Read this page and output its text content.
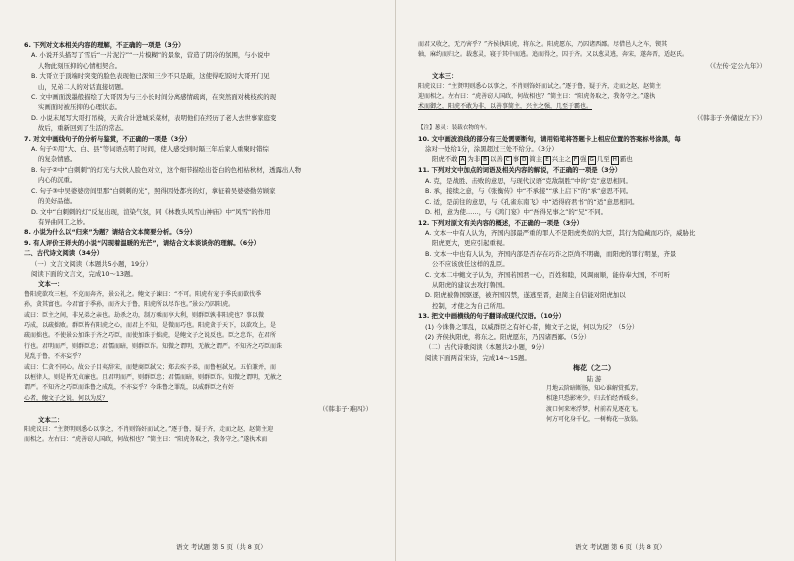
6. 下列对文本相关内容的理解，不正确的一项是（3分）
A. 小说开头描写了雪后“一片泥泞”“一片模糊”的景象，营造了阴冷的氛围，与小说中
人物此刻压抑的心情相契合。
B. 大哥立于顶端时突变的脸色表现他已深知三少不只是敲，这使得吃饭时大哥开门见
山，兄弟二人的对话直接切题。
C. 文中画面泼墨般描绘了大哥因为与三小长时间分离感情疏离，在突然面对桃枝疾的现
实画面时被压抑的心理状态。
D. 小说末尾写大哥打吊椅，天黄合计进城采菜材，表明他们在经历了老人去世事家庭变
故后，重新回到了生活的常态。
7. 对文中画线句子的分析与鉴赏，不正确的一项是（3分）
A. 句子①用“大、白、县”等词语点明了时间，使人感受到时隔三年后家人重聚时错综
的复杂情感。
B. 句子②中“白刺刺”的灯光与大伙人脸色对立，这个细节描绘出苍白的色相枯秋材，透露出人物
内心的沉重。
C. 句子③中吴婆婆房间里那“白刺刺的光”，照得因处都亮的灯，拿征着吴婆婆勤劳顾家
的美好品德。
D. 文中“白刺刺的灯”反复出现，渲染气氛，同《林教头风雪山神庙》中“风雪”的作用
有异曲同工之妙。
8. 小说为什么以“归来”为题？请结合文本简要分析。（5分）
9. 有人评价王祥夫的小说“闪现着温暖的光芒”，请结合文本谈谈你的理解。（6分）
二、古代诗文阅读（34分）
（一）文言文阅读（本题共5小题，19分）
阅读下面的文言文，完成10～13题。
文本一：
鲁阳虎欲攻三桓，不克而奔齐，景公礼之。鲍文子谏曰：“不可。阳虎有宠于季氏而欲伐季
孙，贪其富也。今君富于季孙，而齐大于鲁，阳虎所以尽诈也。”景公乃囚阳虎。
或曰：臣主之间，非兄弟之亲也。劫杀之功，制万乘而享大利，则群臣孰非阳虎也？事以微
巧成，以疏拙败。群臣皆有阳虎之心，而君上不知，是微而巧也。阳虎贪于天下，以欲攻上，是
疏而拙也。不使景公加诛于齐之巧臣，而使加诛于拙虎，是鲍文子之说反也。臣之忠诈，在君所
行也。君明而严，则群臣忠；君懦而暗，则群臣诈。知微之谓明，无赦之谓严。不知齐之巧臣而诛
见乱于鲁，不亦妄乎？
或曰：仁贪不同心。故公子目夷辞宋，而楚商臣弑父；郑去疾予弟，而鲁桓弑兄。五伯兼并，而
以桓律人，则是皆无贞廉也。且君明而严，则群臣忠；君懦而暗，则群臣诈。知微之谓明，无赦之
谓严。不知齐之巧臣而诛鲁之成乱，不亦妄乎？今诛鲁之罪乱，以威群臣之有奸
心者，鲍文子之说，何以为反？
（《韩非子·难四》）
文本二：
阳虎议曰：“主贤明则悉心以事之，不肖则饰奸而试之。”逐于鲁，疑于齐，走而之赵，赵简主迎
而相之。左右曰：“虎善窃人国政，何故相也？”简主曰：“阳虎务取之，我务守之。”遂执术而
而君又收之，无乃害乎？”齐侯执阳虎，将东之。阳虎愿东，乃囚诸西鄙。尽借邑人之车，锲其
轴，麻约而归之。载葱灵，寝于其中而逃。追而得之，囚于齐。又以葱灵逃，奔宋，遂奔晋，适赵氏。
（《左传·定公九年》）
文本三：
阳虎议曰：“主贤明则悉心以事之，不肖则饰奸而试之。”逐于鲁，疑于齐，走而之赵，赵简主
迎而相之。左右曰：“虎善窃人国政，何故相也？”简主曰：“阳虎务取之，我务守之。”遂执
术而御之，阳虎不敢为非，以善事简主，兴主之强，几至于霸也。
（《韩非子·外储说左下》）
【注】葱灵：装载衣物的车。
10. 文中画波浪线的部分有三处需要断句，请用铅笔将答题卡上相应位置的答案标号涂黑，每
涂对一处给1分，涂黑超过三处不给分。（3分）
阳虎不敢 A 为非 B 以善 C 事 D 简主 E 兴主之 F 强 G 几至 H 霸也
11. 下列对文中加点的词语及相关内容的解说，不正确的一项是（3分）
A. 克，是战胜、击败的意思，与现代汉语“克敌制胜”中的“克”意思相同。
B. 承，接续之意，与《张衡传》中“不承接”“承上启下”的“承”意思不同。
C. 适，是前往的意思，与《孔雀东南飞》中“适得府君书”的“适”意思相同。
D. 相，意为使……，与《鸿门宴》中“吾得兄事之”的“兄”不同。
12. 下列对原文有关内容的概述，不正确的一项是（3分）
A. 文本一中有人认为，齐国内部最严重的罪人不是阳虎类似的大臣，其行为隐藏而巧诈，威胁比
阳虎更大，更应引起重视。
B. 文本一中也有人认为，齐国内部是否存在巧诈之臣尚不明确，而阳虎的罪行明显，齐景
公不应该放任这样的乱臣。
C. 文本二中鲍文子认为，齐国若国君一心，百姓和睦，风调雨顺，能侍奉大国，不可听
从阳虎的建议去攻打鲁国。
D. 阳虎被鲁国驱逐，被齐国囚禁，遂逃至晋，赵简主自信能对阳虎加以
控制，才使之为自己所用。
13. 把文中画横线的句子翻译成现代汉语。（10分）
(1) 今诛鲁之罪乱，以威群臣之有奸心者，鲍文子之说，何以为反？（5分）
(2) 齐侯执阳虎，将东之。阳虎愿东，乃囚诸西鄙。（5分）
（二）古代诗歌阅读（本题共2小题，9分）
阅读下面两首宋诗，完成14～15题。
梅花（之二）
陆 游
月地云阶暗断肠，知心谁解赏孤芳。
相逢只恐影寒少，归去怕经香暖乡。
渡口何来寒浮梦，村前若见逐花飞。
何方可化身千亿，一树梅花一放翁。
语文 考试题 第 5 页（共 8 页）	语文 考试题 第 6 页（共 8 页）
